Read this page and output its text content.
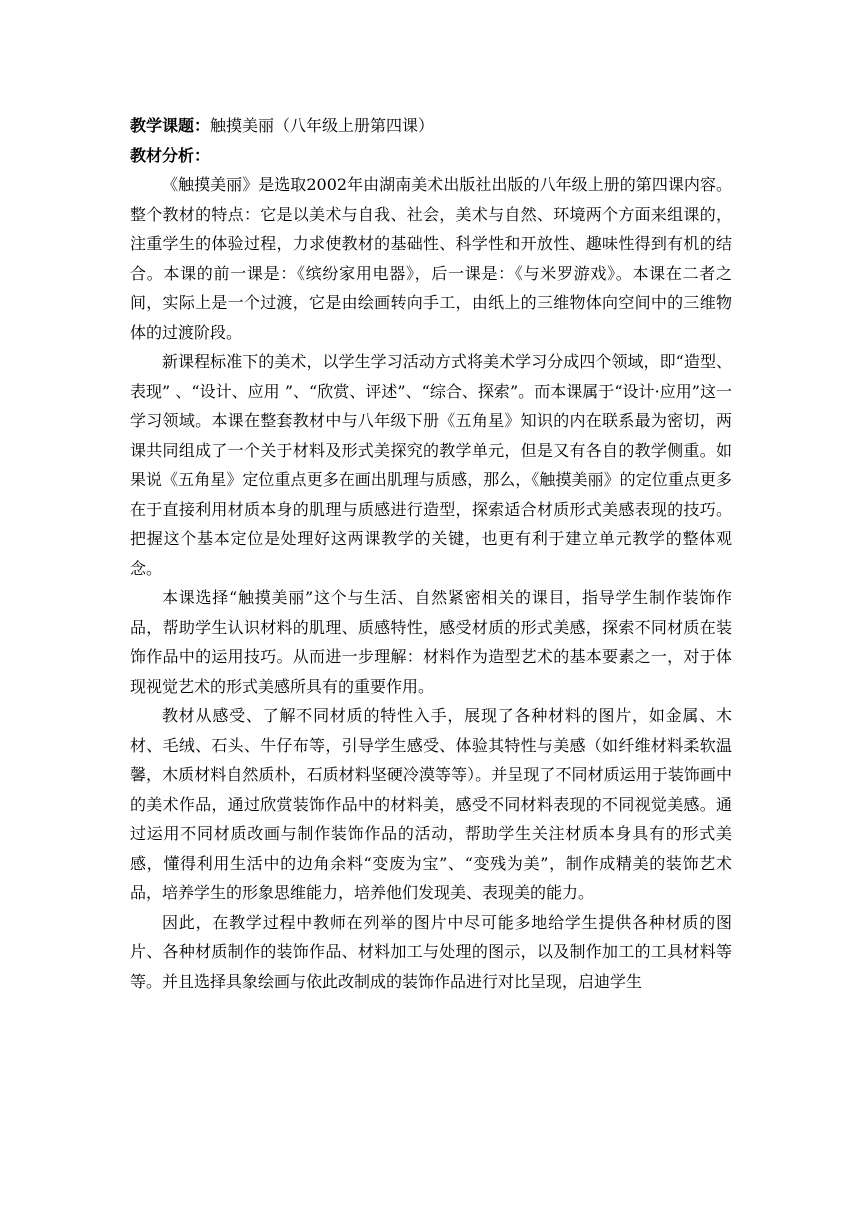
教学课题：触摸美丽（八年级上册第四课）

教材分析：

《触摸美丽》是选取2002年由湖南美术出版社出版的八年级上册的第四课内容。整个教材的特点：它是以美术与自我、社会，美术与自然、环境两个方面来组课的，注重学生的体验过程，力求使教材的基础性、科学性和开放性、趣味性得到有机的结合。本课的前一课是：《缤纷家用电器》，后一课是：《与米罗游戏》。本课在二者之间，实际上是一个过渡，它是由绘画转向手工，由纸上的三维物体向空间中的三维物体的过渡阶段。

新课程标准下的美术，以学生学习活动方式将美术学习分成四个领域，即“造型、表现” 、“设计、应用 ”、“欣赏、评述”、“综合、探索”。而本课属于“设计·应用”这一学习领域。本课在整套教材中与八年级下册《五角星》知识的内在联系最为密切，两课共同组成了一个关于材料及形式美探究的教学单元，但是又有各自的教学侧重。如果说《五角星》定位重点更多在画出肌理与质感，那么，《触摸美丽》的定位重点更多在于直接利用材质本身的肌理与质感进行造型，探索适合材质形式美感表现的技巧。把握这个基本定位是处理好这两课教学的关键，也更有利于建立单元教学的整体观念。

本课选择“触摸美丽”这个与生活、自然紧密相关的课目，指导学生制作装饰作品，帮助学生认识材料的肌理、质感特性，感受材质的形式美感，探索不同材质在装饰作品中的运用技巧。从而进一步理解：材料作为造型艺术的基本要素之一，对于体现视觉艺术的形式美感所具有的重要作用。

教材从感受、了解不同材质的特性入手，展现了各种材料的图片，如金属、木材、毛绒、石头、牛仔布等，引导学生感受、体验其特性与美感（如纤维材料柔软温馨，木质材料自然质朴，石质材料坚硬冷漠等等）。并呈现了不同材质运用于装饰画中的美术作品，通过欣赏装饰作品中的材料美，感受不同材料表现的不同视觉美感。通过运用不同材质改画与制作装饰作品的活动，帮助学生关注材质本身具有的形式美感，懂得利用生活中的边角余料“变废为宝”、“变残为美”，制作成精美的装饰艺术品，培养学生的形象思维能力，培养他们发现美、表现美的能力。

因此，在教学过程中教师在列举的图片中尽可能多地给学生提供各种材质的图片、各种材质制作的装饰作品、材料加工与处理的图示，以及制作加工的工具材料等等。并且选择具象绘画与依此改制成的装饰作品进行对比呈现，启迪学生
